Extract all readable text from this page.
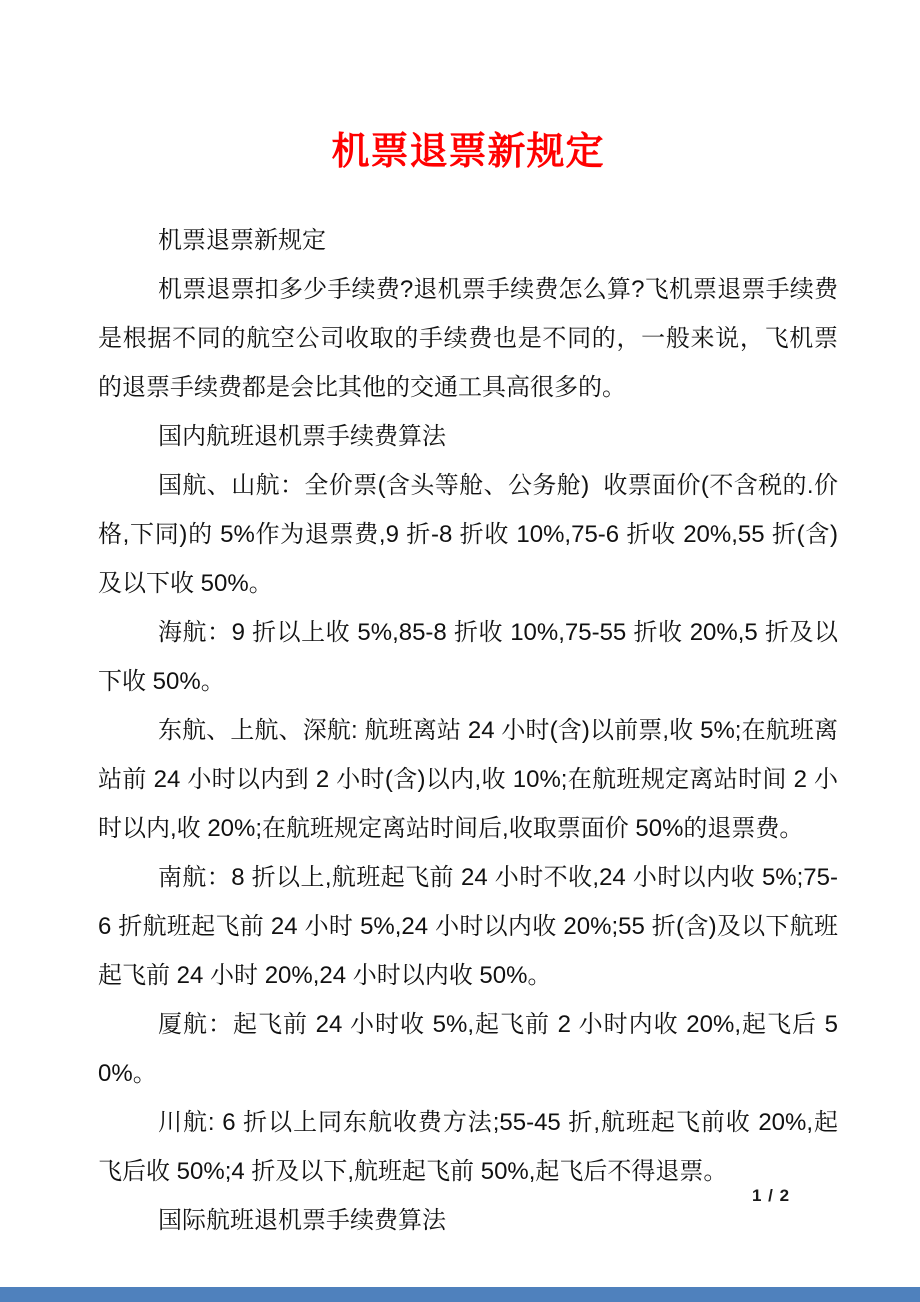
机票退票新规定

机票退票新规定

机票退票扣多少手续费?退机票手续费怎么算?飞机票退票手续费是根据不同的航空公司收取的手续费也是不同的，一般来说，飞机票的退票手续费都是会比其他的交通工具高很多的。

国内航班退机票手续费算法

国航、山航：全价票(含头等舱、公务舱)  收票面价(不含税的.价格,下同)的 5%作为退票费,9 折-8 折收 10%,75-6 折收 20%,55 折(含)及以下收 50%。

海航：9 折以上收 5%,85-8 折收 10%,75-55 折收 20%,5 折及以下收 50%。

东航、上航、深航: 航班离站 24 小时(含)以前票,收 5%;在航班离站前 24 小时以内到 2 小时(含)以内,收 10%;在航班规定离站时间 2 小时以内,收 20%;在航班规定离站时间后,收取票面价 50%的退票费。

南航：8 折以上,航班起飞前 24 小时不收,24 小时以内收 5%;75-6 折航班起飞前 24 小时 5%,24 小时以内收 20%;55 折(含)及以下航班起飞前 24 小时 20%,24 小时以内收 50%。

厦航：起飞前 24 小时收 5%,起飞前 2 小时内收 20%,起飞后 50%。

川航: 6 折以上同东航收费方法;55-45 折,航班起飞前收 20%,起飞后收 50%;4 折及以下,航班起飞前 50%,起飞后不得退票。

国际航班退机票手续费算法

1 / 2
